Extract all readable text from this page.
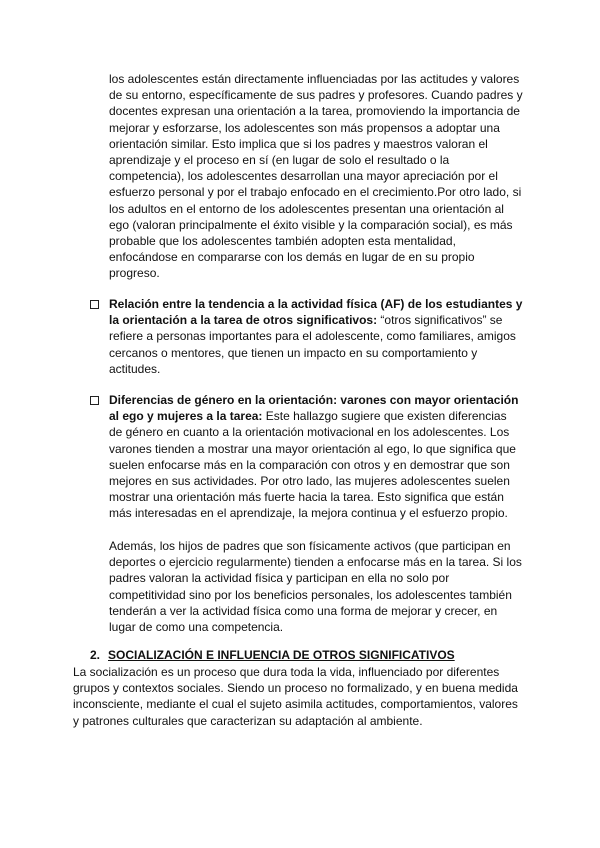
los adolescentes están directamente influenciadas por las actitudes y valores
de su entorno, específicamente de sus padres y profesores. Cuando padres y
docentes expresan una orientación a la tarea, promoviendo la importancia de
mejorar y esforzarse, los adolescentes son más propensos a adoptar una
orientación similar. Esto implica que si los padres y maestros valoran el
aprendizaje y el proceso en sí (en lugar de solo el resultado o la
competencia), los adolescentes desarrollan una mayor apreciación por el
esfuerzo personal y por el trabajo enfocado en el crecimiento.Por otro lado, si
los adultos en el entorno de los adolescentes presentan una orientación al
ego (valoran principalmente el éxito visible y la comparación social), es más
probable que los adolescentes también adopten esta mentalidad,
enfocándose en compararse con los demás en lugar de en su propio
progreso.
Relación entre la tendencia a la actividad física (AF) de los estudiantes y
la orientación a la tarea de otros significativos: “otros significativos” se
refiere a personas importantes para el adolescente, como familiares, amigos
cercanos o mentores, que tienen un impacto en su comportamiento y
actitudes.
Diferencias de género en la orientación: varones con mayor orientación
al ego y mujeres a la tarea: Este hallazgo sugiere que existen diferencias
de género en cuanto a la orientación motivacional en los adolescentes. Los
varones tienden a mostrar una mayor orientación al ego, lo que significa que
suelen enfocarse más en la comparación con otros y en demostrar que son
mejores en sus actividades. Por otro lado, las mujeres adolescentes suelen
mostrar una orientación más fuerte hacia la tarea. Esto significa que están
más interesadas en el aprendizaje, la mejora continua y el esfuerzo propio.
Además, los hijos de padres que son físicamente activos (que participan en
deportes o ejercicio regularmente) tienden a enfocarse más en la tarea. Si los
padres valoran la actividad física y participan en ella no solo por
competitividad sino por los beneficios personales, los adolescentes también
tenderán a ver la actividad física como una forma de mejorar y crecer, en
lugar de como una competencia.
2. SOCIALIZACIÓN E INFLUENCIA DE OTROS SIGNIFICATIVOS
La socialización es un proceso que dura toda la vida, influenciado por diferentes
grupos y contextos sociales. Siendo un proceso no formalizado, y en buena medida
inconsciente, mediante el cual el sujeto asimila actitudes, comportamientos, valores
y patrones culturales que caracterizan su adaptación al ambiente.
